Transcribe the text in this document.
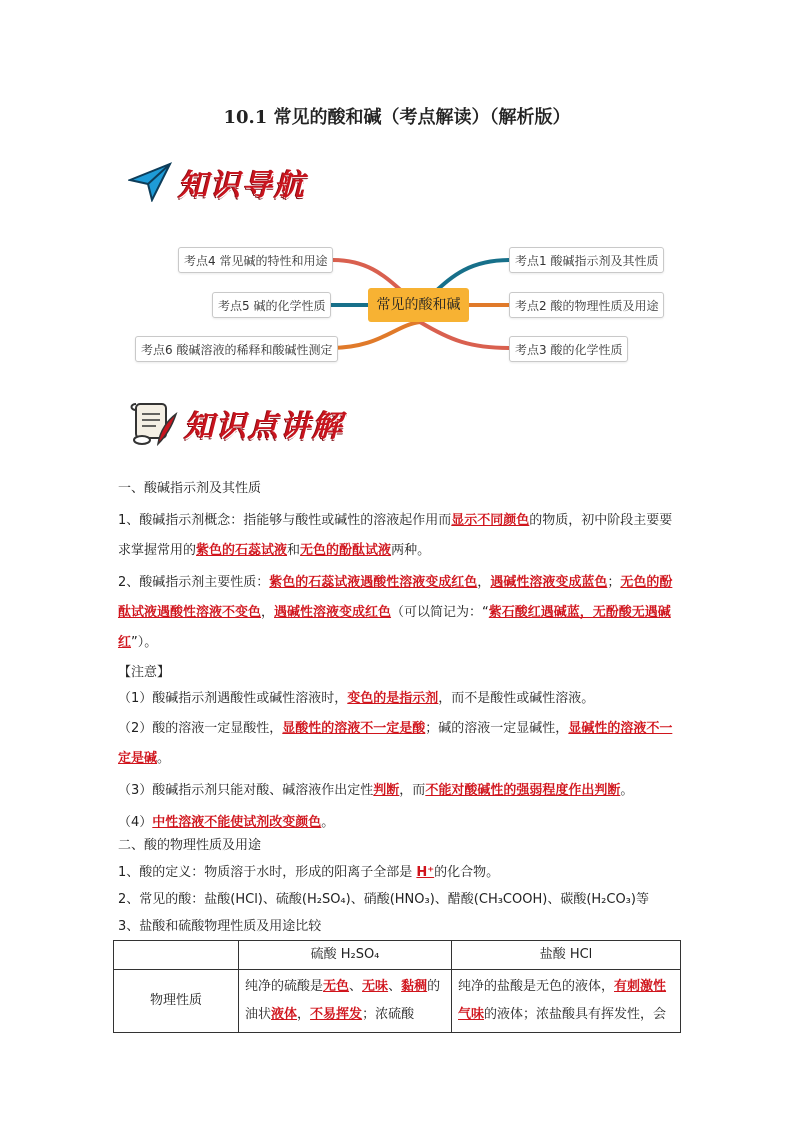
10.1 常见的酸和碱（考点解读）（解析版）
知识导航
考点4 常见碱的特性和用途
考点5 碱的化学性质
考点6 酸碱溶液的稀释和酸碱性测定
常见的酸和碱
考点1 酸碱指示剂及其性质
考点2 酸的物理性质及用途
考点3 酸的化学性质
知识点讲解

一、酸碱指示剂及其性质

1、酸碱指示剂概念：指能够与酸性或碱性的溶液起作用而显示不同颜色的物质，初中阶段主要要求掌握常用的紫色的石蕊试液和无色的酚酞试液两种。

2、酸碱指示剂主要性质：紫色的石蕊试液遇酸性溶液变成红色，遇碱性溶液变成蓝色；无色的酚酞试液遇酸性溶液不变色，遇碱性溶液变成红色（可以简记为：“紫石酸红遇碱蓝，无酚酸无遇碱红”）。

【注意】

（1）酸碱指示剂遇酸性或碱性溶液时，变色的是指示剂，而不是酸性或碱性溶液。

（2）酸的溶液一定显酸性，显酸性的溶液不一定是酸；碱的溶液一定显碱性，显碱性的溶液不一定是碱。

（3）酸碱指示剂只能对酸、碱溶液作出定性判断，而不能对酸碱性的强弱程度作出判断。

（4）中性溶液不能使试剂改变颜色。

二、酸的物理性质及用途

1、酸的定义：物质溶于水时，形成的阳离子全部是 H⁺的化合物。

2、常见的酸：盐酸(HCl)、硫酸(H₂SO₄)、硝酸(HNO₃)、醋酸(CH₃COOH)、碳酸(H₂CO₃)等

3、盐酸和硫酸物理性质及用途比较

	硫酸 H₂SO₄	盐酸 HCl
物理性质	纯净的硫酸是无色、无味、黏稠的油状液体，不易挥发；浓硫酸	纯净的盐酸是无色的液体，有刺激性气味的液体；浓盐酸具有挥发性，会
